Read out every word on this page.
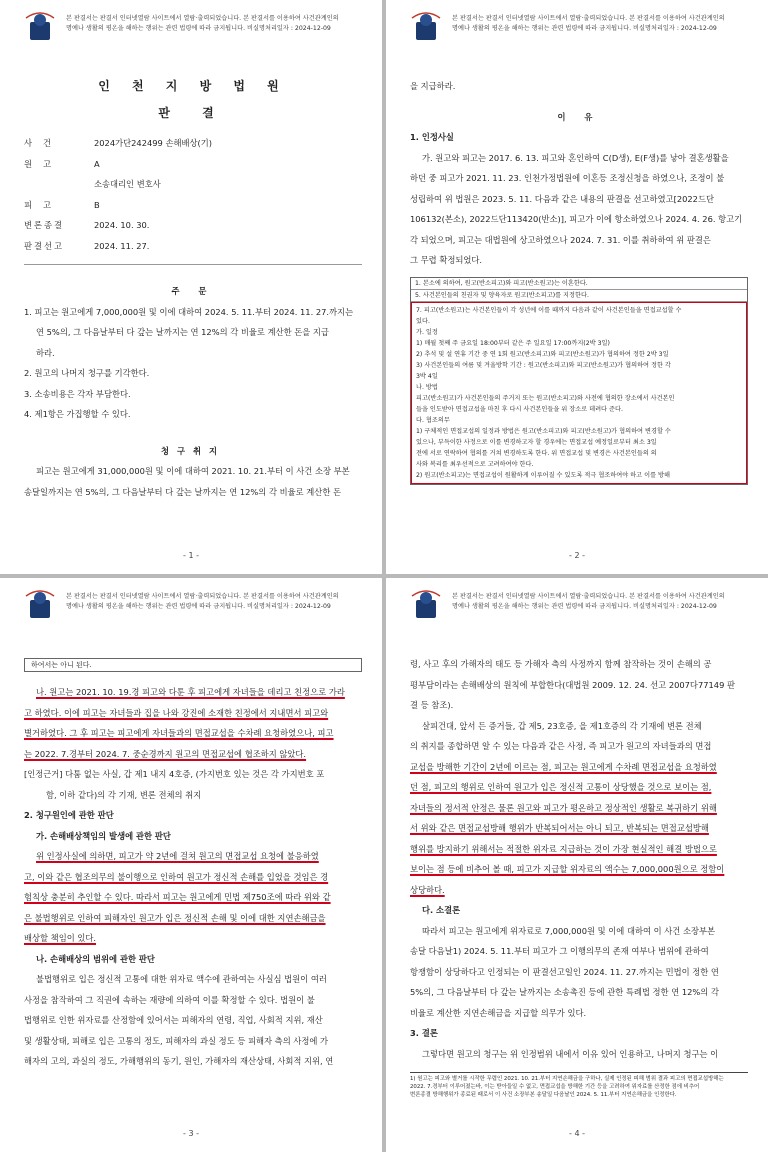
본 판결서는 판결서 인터넷열람 사이트에서 열람·출력되었습니다. 본 판결서를 이용하여 사건관계인의
명예나 생활의 평온을 해하는 행위는 관련 법령에 따라 금지됩니다. 비실명처리일자 : 2024-12-09
인 천 지 방 법 원
판 결
사건	2024가단242499 손해배상(기)
원고	A
소송대리인 변호사
피고	B
변론종결	2024. 10. 30.
판결선고	2024. 11. 27.
주 문
1. 피고는 원고에게 7,000,000원 및 이에 대하여 2024. 5. 11.부터 2024. 11. 27.까지는
연 5%의, 그 다음날부터 다 갚는 날까지는 연 12%의 각 비율로 계산한 돈을 지급
하라.
2. 원고의 나머지 청구를 기각한다.
3. 소송비용은 각자 부담한다.
4. 제1항은 가집행할 수 있다.
청구취지
피고는 원고에게 31,000,000원 및 이에 대하여 2021. 10. 21.부터 이 사건 소장 부본
송달일까지는 연 5%의, 그 다음날부터 다 갚는 날까지는 연 12%의 각 비율로 계산한 돈
- 1 -
본 판결서는 판결서 인터넷열람 사이트에서 열람·출력되었습니다. 본 판결서를 이용하여 사건관계인의
명예나 생활의 평온을 해하는 행위는 관련 법령에 따라 금지됩니다. 비실명처리일자 : 2024-12-09
을 지급하라.
이 유
1. 인정사실
가. 원고와 피고는 2017. 6. 13. 피고와 혼인하여 C(D생), E(F생)를 낳아 결혼생활을
하던 중 피고가 2021. 11. 23. 인천가정법원에 이혼등 조정신청을 하였으나, 조정이 불
성립하여 위 법원은 2023. 5. 11. 다음과 같은 내용의 판결을 선고하였고[2022드단
106132(본소), 2022드단113420(반소)], 피고가 이에 항소하였으나 2024. 4. 26. 항고기
각 되었으며, 피고는 대법원에 상고하였으나 2024. 7. 31. 이를 취하하여 위 판결은
그 무렵 확정되었다.
1. 본소에 의하여, 원고(반소피고)와 피고(반소원고)는 이혼한다.
5. 사건본인들의 친권자 및 양육자로 원고(반소피고)를 지정한다.
7. 피고(반소원고)는 사건본인들이 각 성년에 이를 때까지 다음과 같이 사건본인들을 면접교섭할 수
있다.
가. 일정
1) 매월 첫째 주 금요일 18:00부터 같은 주 일요일 17:00까지(2박 3일)
2) 추석 및 설 연휴 기간 중 연 1회 원고(반소피고)와 피고(반소원고)가 협의하여 정한 2박 3일
3) 사건본인들의 여름 및 겨울방학 기간 : 원고(반소피고)와 피고(반소원고)가 협의하여 정한 각
3박 4일
나. 방법
피고(반소원고)가 사건본인들의 주거지 또는 원고(반소피고)와 사전에 협의한 장소에서 사건본인
들을 인도받아 면접교섭을 마친 후 다시 사건본인들을 위 장소로 데려다 준다.
다. 협조의무
1) 구체적인 면접교섭의 일정과 방법은 원고(반소피고)와 피고(반소원고)가 협의하여 변경할 수
있으나, 부득이한 사정으로 이를 변경하고자 할 경우에는 면접교섭 예정일로부터 최소 3일
전에 서로 연락하여 협의를 거쳐 변경하도록 한다. 위 면접교섭 및 변경은 사건본인들의 의
사와 복리를 최우선적으로 고려하여야 한다.
2) 원고(반소피고)는 면접교섭이 원활하게 이루어질 수 있도록 적극 협조하여야 하고 이를 방해
- 2 -
본 판결서는 판결서 인터넷열람 사이트에서 열람·출력되었습니다. 본 판결서를 이용하여 사건관계인의
명예나 생활의 평온을 해하는 행위는 관련 법령에 따라 금지됩니다. 비실명처리일자 : 2024-12-09
하여서는 아니 된다.
나. 원고는 2021. 10. 19.경 피고와 다툰 후 피고에게 자녀들을 데리고 친정으로 가라
고 하였다. 이에 피고는 자녀들과 집을 나와 강진에 소재한 친정에서 지내면서 피고와
별거하였다. 그 후 피고는 피고에게 자녀들과의 면접교섭을 수차례 요청하였으나, 피고
는 2022. 7.경부터 2024. 7. 중순경까지 원고의 면접교섭에 협조하지 않았다.
[인정근거] 다툼 없는 사실, 갑 제1 내지 4호증, (가지번호 있는 것은 각 가지번호 포
함, 이하 같다)의 각 기재, 변론 전체의 취지
2. 청구원인에 관한 판단
가. 손해배상책임의 발생에 관한 판단
위 인정사실에 의하면, 피고가 약 2년에 걸쳐 원고의 면접교섭 요청에 불응하였
고, 이와 같은 협조의무의 불이행으로 인하여 원고가 정신적 손해를 입었을 것임은 경
험칙상 충분히 추인할 수 있다. 따라서 피고는 원고에게 민법 제750조에 따라 위와 같
은 불법행위로 인하여 피해자인 원고가 입은 정신적 손해 및 이에 대한 지연손해금을
배상할 책임이 있다.
나. 손해배상의 범위에 관한 판단
불법행위로 입은 정신적 고통에 대한 위자료 액수에 관하여는 사실심 법원이 여러
사정을 참작하여 그 직권에 속하는 재량에 의하여 이를 확정할 수 있다. 법원이 불
법행위로 인한 위자료를 산정함에 있어서는 피해자의 연령, 직업, 사회적 지위, 재산
및 생활상태, 피해로 입은 고통의 정도, 피해자의 과실 정도 등 피해자 측의 사정에 가
해자의 고의, 과실의 정도, 가해행위의 동기, 원인, 가해자의 재산상태, 사회적 지위, 연
- 3 -
본 판결서는 판결서 인터넷열람 사이트에서 열람·출력되었습니다. 본 판결서를 이용하여 사건관계인의
명예나 생활의 평온을 해하는 행위는 관련 법령에 따라 금지됩니다. 비실명처리일자 : 2024-12-09
령, 사고 후의 가해자의 태도 등 가해자 측의 사정까지 함께 참작하는 것이 손해의 공
평부담이라는 손해배상의 원칙에 부합한다(대법원 2009. 12. 24. 선고 2007다77149 판
결 등 참조).
살피건대, 앞서 든 증거들, 갑 제5, 23호증, 을 제1호증의 각 기재에 변론 전체
의 취지를 종합하면 알 수 있는 다음과 같은 사정, 즉 피고가 원고의 자녀들과의 면접
교섭을 방해한 기간이 2년에 이르는 점, 피고는 원고에게 수차례 면접교섭을 요청하였
던 점, 피고의 행위로 인하여 원고가 입은 정신적 고통이 상당했을 것으로 보이는 점,
자녀들의 정서적 안정은 물론 원고와 피고가 평온하고 정상적인 생활로 복귀하기 위해
서 위와 같은 면접교섭방해 행위가 반복되어서는 아니 되고, 반복되는 면접교섭방해
행위를 방지하기 위해서는 적절한 위자료 지급하는 것이 가장 현실적인 해결 방법으로
보이는 점 등에 비추어 볼 때, 피고가 지급할 위자료의 액수는 7,000,000원으로 정함이
상당하다.
다. 소결론
따라서 피고는 원고에게 위자료로 7,000,000원 및 이에 대하여 이 사건 소장부본
송달 다음날1) 2024. 5. 11.부터 피고가 그 이행의무의 존재 여부나 범위에 관하여
항쟁함이 상당하다고 인정되는 이 판결선고일인 2024. 11. 27.까지는 민법이 정한 연
5%의, 그 다음날부터 다 갚는 날까지는 소송촉진 등에 관한 특례법 정한 연 12%의 각
비율로 계산한 지연손해금을 지급할 의무가 있다.
3. 결론
그렇다면 원고의 청구는 위 인정범위 내에서 이유 있어 인용하고, 나머지 청구는 이
1) 원고는 피고와 별거를 시작한 무렵인 2021. 10. 21.부터 지연손해금을 구하나, 실제 인정된 피해 범위 결과 피고의 면접교섭방해는
2022. 7.경부터 이루어졌는바, 이는 받아들일 수 없고, 면접교섭을 방해한 기간 등을 고려하여 위자료를 산정한 점에 비추어
변론종결 방해행위가 종료된 때로서 이 사건 소장부본 송달일 다음날인 2024. 5. 11.부터 지연손해금을 인정한다.
- 4 -
